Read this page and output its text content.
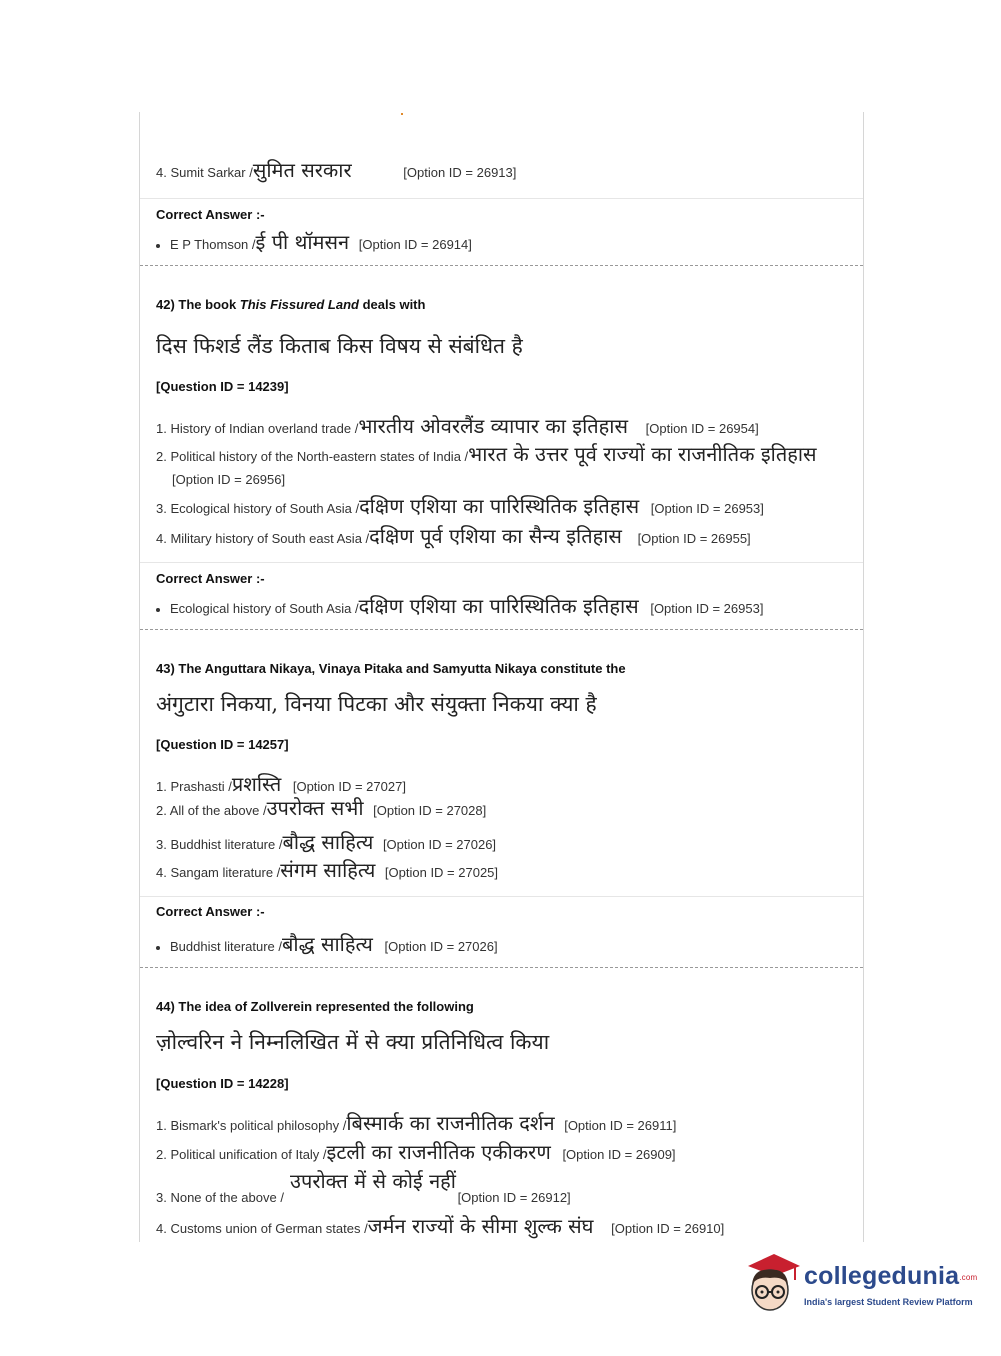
4. Sumit Sarkar /सुमित सरकार	[Option ID = 26913]
Correct Answer :-
E P Thomson /ई पी थॉमसन [Option ID = 26914]
42) The book This Fissured Land deals with
दिस फिशर्ड लैंड किताब किस विषय से संबंधित है
[Question ID = 14239]
1. History of Indian overland trade /भारतीय ओवरलैंड व्यापार का इतिहास [Option ID = 26954]
2. Political history of the North-eastern states of India /भारत के उत्तर पूर्व राज्यों का राजनीतिक इतिहास
[Option ID = 26956]
3. Ecological history of South Asia /दक्षिण एशिया का पारिस्थितिक इतिहास [Option ID = 26953]
4. Military history of South east Asia /दक्षिण पूर्व एशिया का सैन्य इतिहास [Option ID = 26955]
Correct Answer :-
Ecological history of South Asia /दक्षिण एशिया का पारिस्थितिक इतिहास [Option ID = 26953]
43) The Anguttara Nikaya, Vinaya Pitaka and Samyutta Nikaya constitute the
अंगुटारा निकया, विनया पिटका और संयुक्ता निकया क्या है
[Question ID = 14257]
1. Prashasti /प्रशस्ति [Option ID = 27027]
2. All of the above /उपरोक्त सभी [Option ID = 27028]
3. Buddhist literature /बौद्ध साहित्य [Option ID = 27026]
4. Sangam literature /संगम साहित्य [Option ID = 27025]
Correct Answer :-
Buddhist literature /बौद्ध साहित्य [Option ID = 27026]
44) The idea of Zollverein represented the following
ज़ोल्वरिन ने निम्नलिखित में से क्या प्रतिनिधित्व किया
[Question ID = 14228]
1. Bismark's political philosophy /बिस्मार्क का राजनीतिक दर्शन [Option ID = 26911]
2. Political unification of Italy /इटली का राजनीतिक एकीकरण [Option ID = 26909]
उपरोक्त में से कोई नहीं
3. None of the above /	[Option ID = 26912]
4. Customs union of German states /जर्मन राज्यों के सीमा शुल्क संघ [Option ID = 26910]
collegedunia.com
India's largest Student Review Platform
